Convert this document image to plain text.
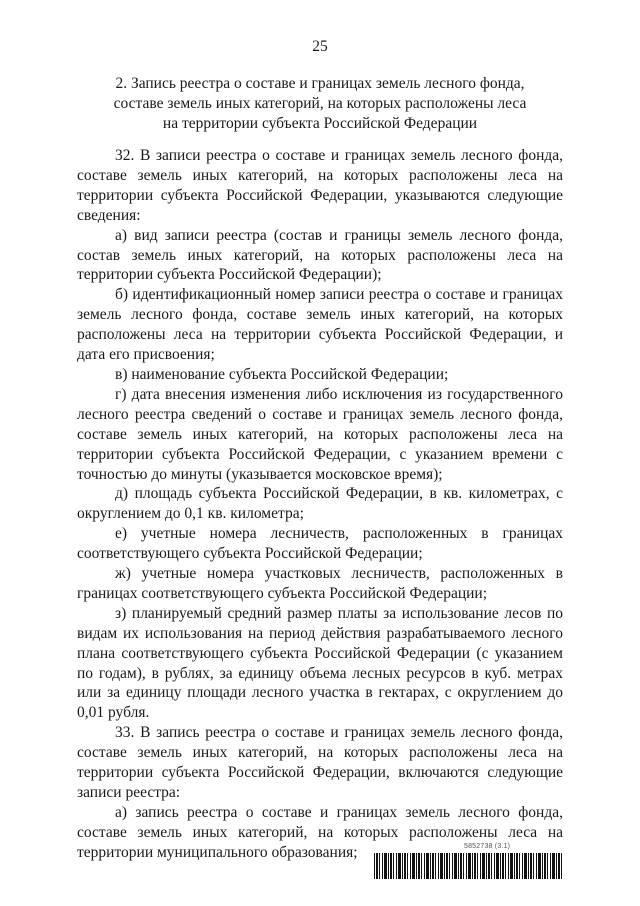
25
2. Запись реестра о составе и границах земель лесного фонда,
составе земель иных категорий, на которых расположены леса
на территории субъекта Российской Федерации

32. В записи реестра о составе и границах земель лесного фонда, составе земель иных категорий, на которых расположены леса на территории субъекта Российской Федерации, указываются следующие сведения:

а) вид записи реестра (состав и границы земель лесного фонда, состав земель иных категорий, на которых расположены леса на территории субъекта Российской Федерации);

б) идентификационный номер записи реестра о составе и границах земель лесного фонда, составе земель иных категорий, на которых расположены леса на территории субъекта Российской Федерации, и дата его присвоения;

в) наименование субъекта Российской Федерации;

г) дата внесения изменения либо исключения из государственного лесного реестра сведений о составе и границах земель лесного фонда, составе земель иных категорий, на которых расположены леса на территории субъекта Российской Федерации, с указанием времени с точностью до минуты (указывается московское время);

д) площадь субъекта Российской Федерации, в кв. километрах, с округлением до 0,1 кв. километра;

е) учетные номера лесничеств, расположенных в границах соответствующего субъекта Российской Федерации;

ж) учетные номера участковых лесничеств, расположенных в границах соответствующего субъекта Российской Федерации;

з) планируемый средний размер платы за использование лесов по видам их использования на период действия разрабатываемого лесного плана соответствующего субъекта Российской Федерации (с указанием по годам), в рублях, за единицу объема лесных ресурсов в куб. метрах или за единицу площади лесного участка в гектарах, с округлением до 0,01 рубля.

33. В запись реестра о составе и границах земель лесного фонда, составе земель иных категорий, на которых расположены леса на территории субъекта Российской Федерации, включаются следующие записи реестра:

а) запись реестра о составе и границах земель лесного фонда, составе земель иных категорий, на которых расположены леса на территории муниципального образования;	5852738 (3.1)
